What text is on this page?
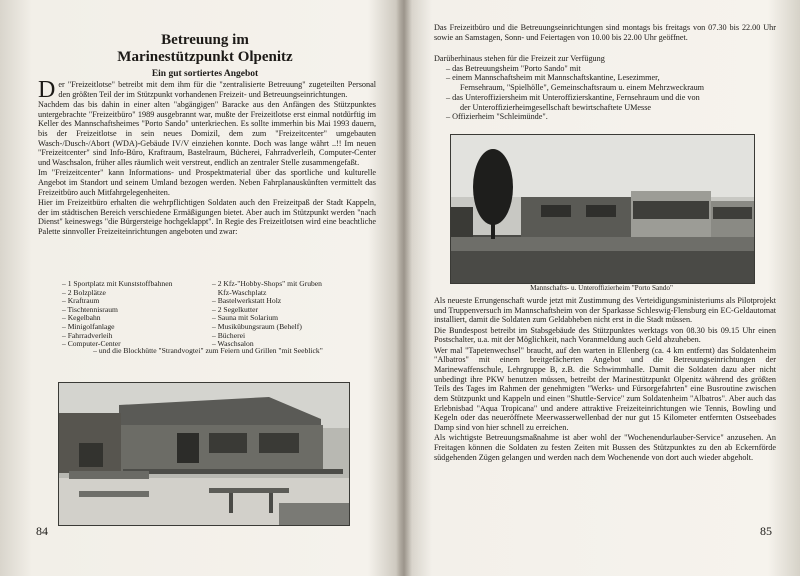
Betreuung im
Marinestützpunkt Olpenitz
Ein gut sortiertes Angebot

Der "Freizeitlotse" betreibt mit dem ihm für die "zentralisierte Betreuung" zugeteilten Personal den größten Teil der im Stützpunkt vorhandenen Freizeit- und Betreuungseinrichtungen.

Nachdem das bis dahin in einer alten "abgängigen" Baracke aus den Anfängen des Stützpunktes untergebrachte "Freizeitbüro" 1989 ausgebrannt war, mußte der Freizeitlotse erst einmal notdürftig im Keller des Mannschaftsheimes "Porto Sando" unterkriechen. Es sollte immerhin bis Mai 1993 dauern, bis der Freizeitlotse in sein neues Domizil, dem zum "Freizeitcenter" umgebauten Wasch-/Dusch-/Abort (WDA)-Gebäude IV/V einziehen konnte. Doch was lange währt ..!! Im neuen "Freizeitcenter" sind Info-Büro, Kraftraum, Bastelraum, Bücherei, Fahrradverleih, Computer-Center und Waschsalon, früher alles räumlich weit verstreut, endlich an zentraler Stelle zusammengefaßt.

Im "Freizeitcenter" kann Informations- und Prospektmaterial über das sportliche und kulturelle Angebot im Standort und seinem Umland bezogen werden. Neben Fahrplanauskünften vermittelt das Freizeitbüro auch Mitfahrgelegenheiten.

Hier im Freizeitbüro erhalten die wehrpflichtigen Soldaten auch den Freizeitpaß der Stadt Kappeln, der im städtischen Bereich verschiedene Ermäßigungen bietet. Aber auch im Stützpunkt werden "nach Dienst" keineswegs "die Bürgersteige hochgeklappt". In Regie des Freizeitlotsen wird eine beachtliche Palette sinnvoller Freizeiteinrichtungen angeboten und zwar:

– 1 Sportplatz mit Kunststoffbahnen
– 2 Bolzplätze
– Kraftraum
– Tischtennisraum
– Kegelbahn
– Minigolfanlage
– Fahrradverleih
– Computer-Center
– 2 Kfz-"Hobby-Shops" mit Gruben
Kfz-Waschplatz
– Bastelwerkstatt Holz
– 2 Segelkutter
– Sauna mit Solarium
– Musikübungsraum (Behelf)
– Bücherei
– Waschsalon
– und die Blockhütte "Strandvogtei" zum Feiern und Grillen "mit Seeblick"
84
Das Freizeitbüro und die Betreuungseinrichtungen sind montags bis freitags von 07.30 bis 22.00 Uhr sowie an Samstagen, Sonn- und Feiertagen von 10.00 bis 22.00 Uhr geöffnet.
Darüberhinaus stehen für die Freizeit zur Verfügung
– das Betreuungsheim "Porto Sando" mit
– einem Mannschaftsheim mit Mannschaftskantine, Lesezimmer,
Fernsehraum, "Spielhölle", Gemeinschaftsraum u. einem Mehrzweckraum
– das Unteroffiziersheim mit Unteroffizierskantine, Fernsehraum und die von
der Unteroffizierheimgesellschaft bewirtschaftete UMesse
– Offizierheim "Schleimünde".
Mannschafts- u. Unteroffizierheim "Porto Sando"

Als neueste Errungenschaft wurde jetzt mit Zustimmung des Verteidigungsministeriums als Pilotprojekt und Truppenversuch im Mannschaftsheim von der Sparkasse Schleswig-Flensburg ein EC-Geldautomat installiert, damit die Soldaten zum Geldabheben nicht erst in die Stadt müssen.

Die Bundespost betreibt im Stabsgebäude des Stützpunktes werktags von 08.30 bis 09.15 Uhr einen Postschalter, u.a. mit der Möglichkeit, nach Voranmeldung auch Geld abzuheben.

Wer mal "Tapetenwechsel" braucht, auf den warten in Ellenberg (ca. 4 km entfernt) das Soldatenheim "Albatros" mit einem breitgefächerten Angebot und die Betreuungseinrichtungen der Marinewaffenschule, Lehrgruppe B, z.B. die Schwimmhalle. Damit die Soldaten dazu aber nicht unbedingt ihre PKW benutzen müssen, betreibt der Marinestützpunkt Olpenitz während des größten Teils des Tages im Rahmen der genehmigten "Werks- und Fürsorgefahrten" eine Busroutine zwischen dem Stützpunkt und Kappeln und einen "Shuttle-Service" zum Soldatenheim "Albatros". Aber auch das Erlebnisbad "Aqua Tropicana" und andere attraktive Freizeiteinrichtungen wie Tennis, Bowling und Kegeln oder das neueröffnete Meerwasserwellenbad der nur gut 15 Kilometer entfernten Ostseebades Damp sind von hier schnell zu erreichen.

Als wichtigste Betreuungsmaßnahme ist aber wohl der "Wochenendurlauber-Service" anzusehen. An Freitagen können die Soldaten zu festen Zeiten mit Bussen des Stützpunktes zu den ab Eckernförde südgehenden Zügen gelangen und werden nach dem Wochenende von dort auch wieder abgeholt.

85
